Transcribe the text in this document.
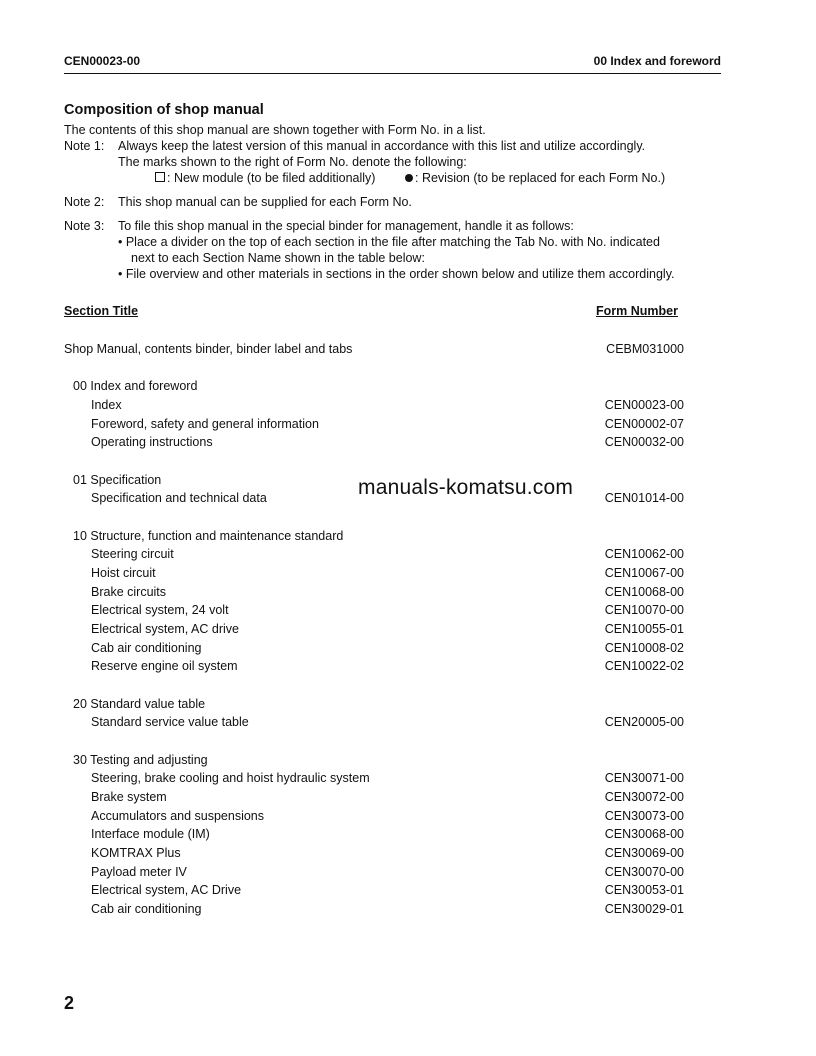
CEN00023-00	00 Index and foreword
Composition of shop manual
The contents of this shop manual are shown together with Form No. in a list.
Note 1: Always keep the latest version of this manual in accordance with this list and utilize accordingly.
The marks shown to the right of Form No. denote the following:
: New module (to be filed additionally)	: Revision (to be replaced for each Form No.)
Note 2: This shop manual can be supplied for each Form No.
Note 3: To file this shop manual in the special binder for management, handle it as follows:
• Place a divider on the top of each section in the file after matching the Tab No. with No. indicated
next to each Section Name shown in the table below:
• File overview and other materials in sections in the order shown below and utilize them accordingly.
Section Title	Form Number
Shop Manual, contents binder, binder label and tabs	CEBM031000
00 Index and foreword
Index	CEN00023-00
Foreword, safety and general information	CEN00002-07
Operating instructions	CEN00032-00
01 Specification
Specification and technical data	CEN01014-00
10 Structure, function and maintenance standard
Steering circuit	CEN10062-00
Hoist circuit	CEN10067-00
Brake circuits	CEN10068-00
Electrical system, 24 volt	CEN10070-00
Electrical system, AC drive	CEN10055-01
Cab air conditioning	CEN10008-02
Reserve engine oil system	CEN10022-02
20 Standard value table
Standard service value table	CEN20005-00
30 Testing and adjusting
Steering, brake cooling and hoist hydraulic system	CEN30071-00
Brake system	CEN30072-00
Accumulators and suspensions	CEN30073-00
Interface module (IM)	CEN30068-00
KOMTRAX Plus	CEN30069-00
Payload meter IV	CEN30070-00
Electrical system, AC Drive	CEN30053-01
Cab air conditioning	CEN30029-01
manuals-komatsu.com
2
